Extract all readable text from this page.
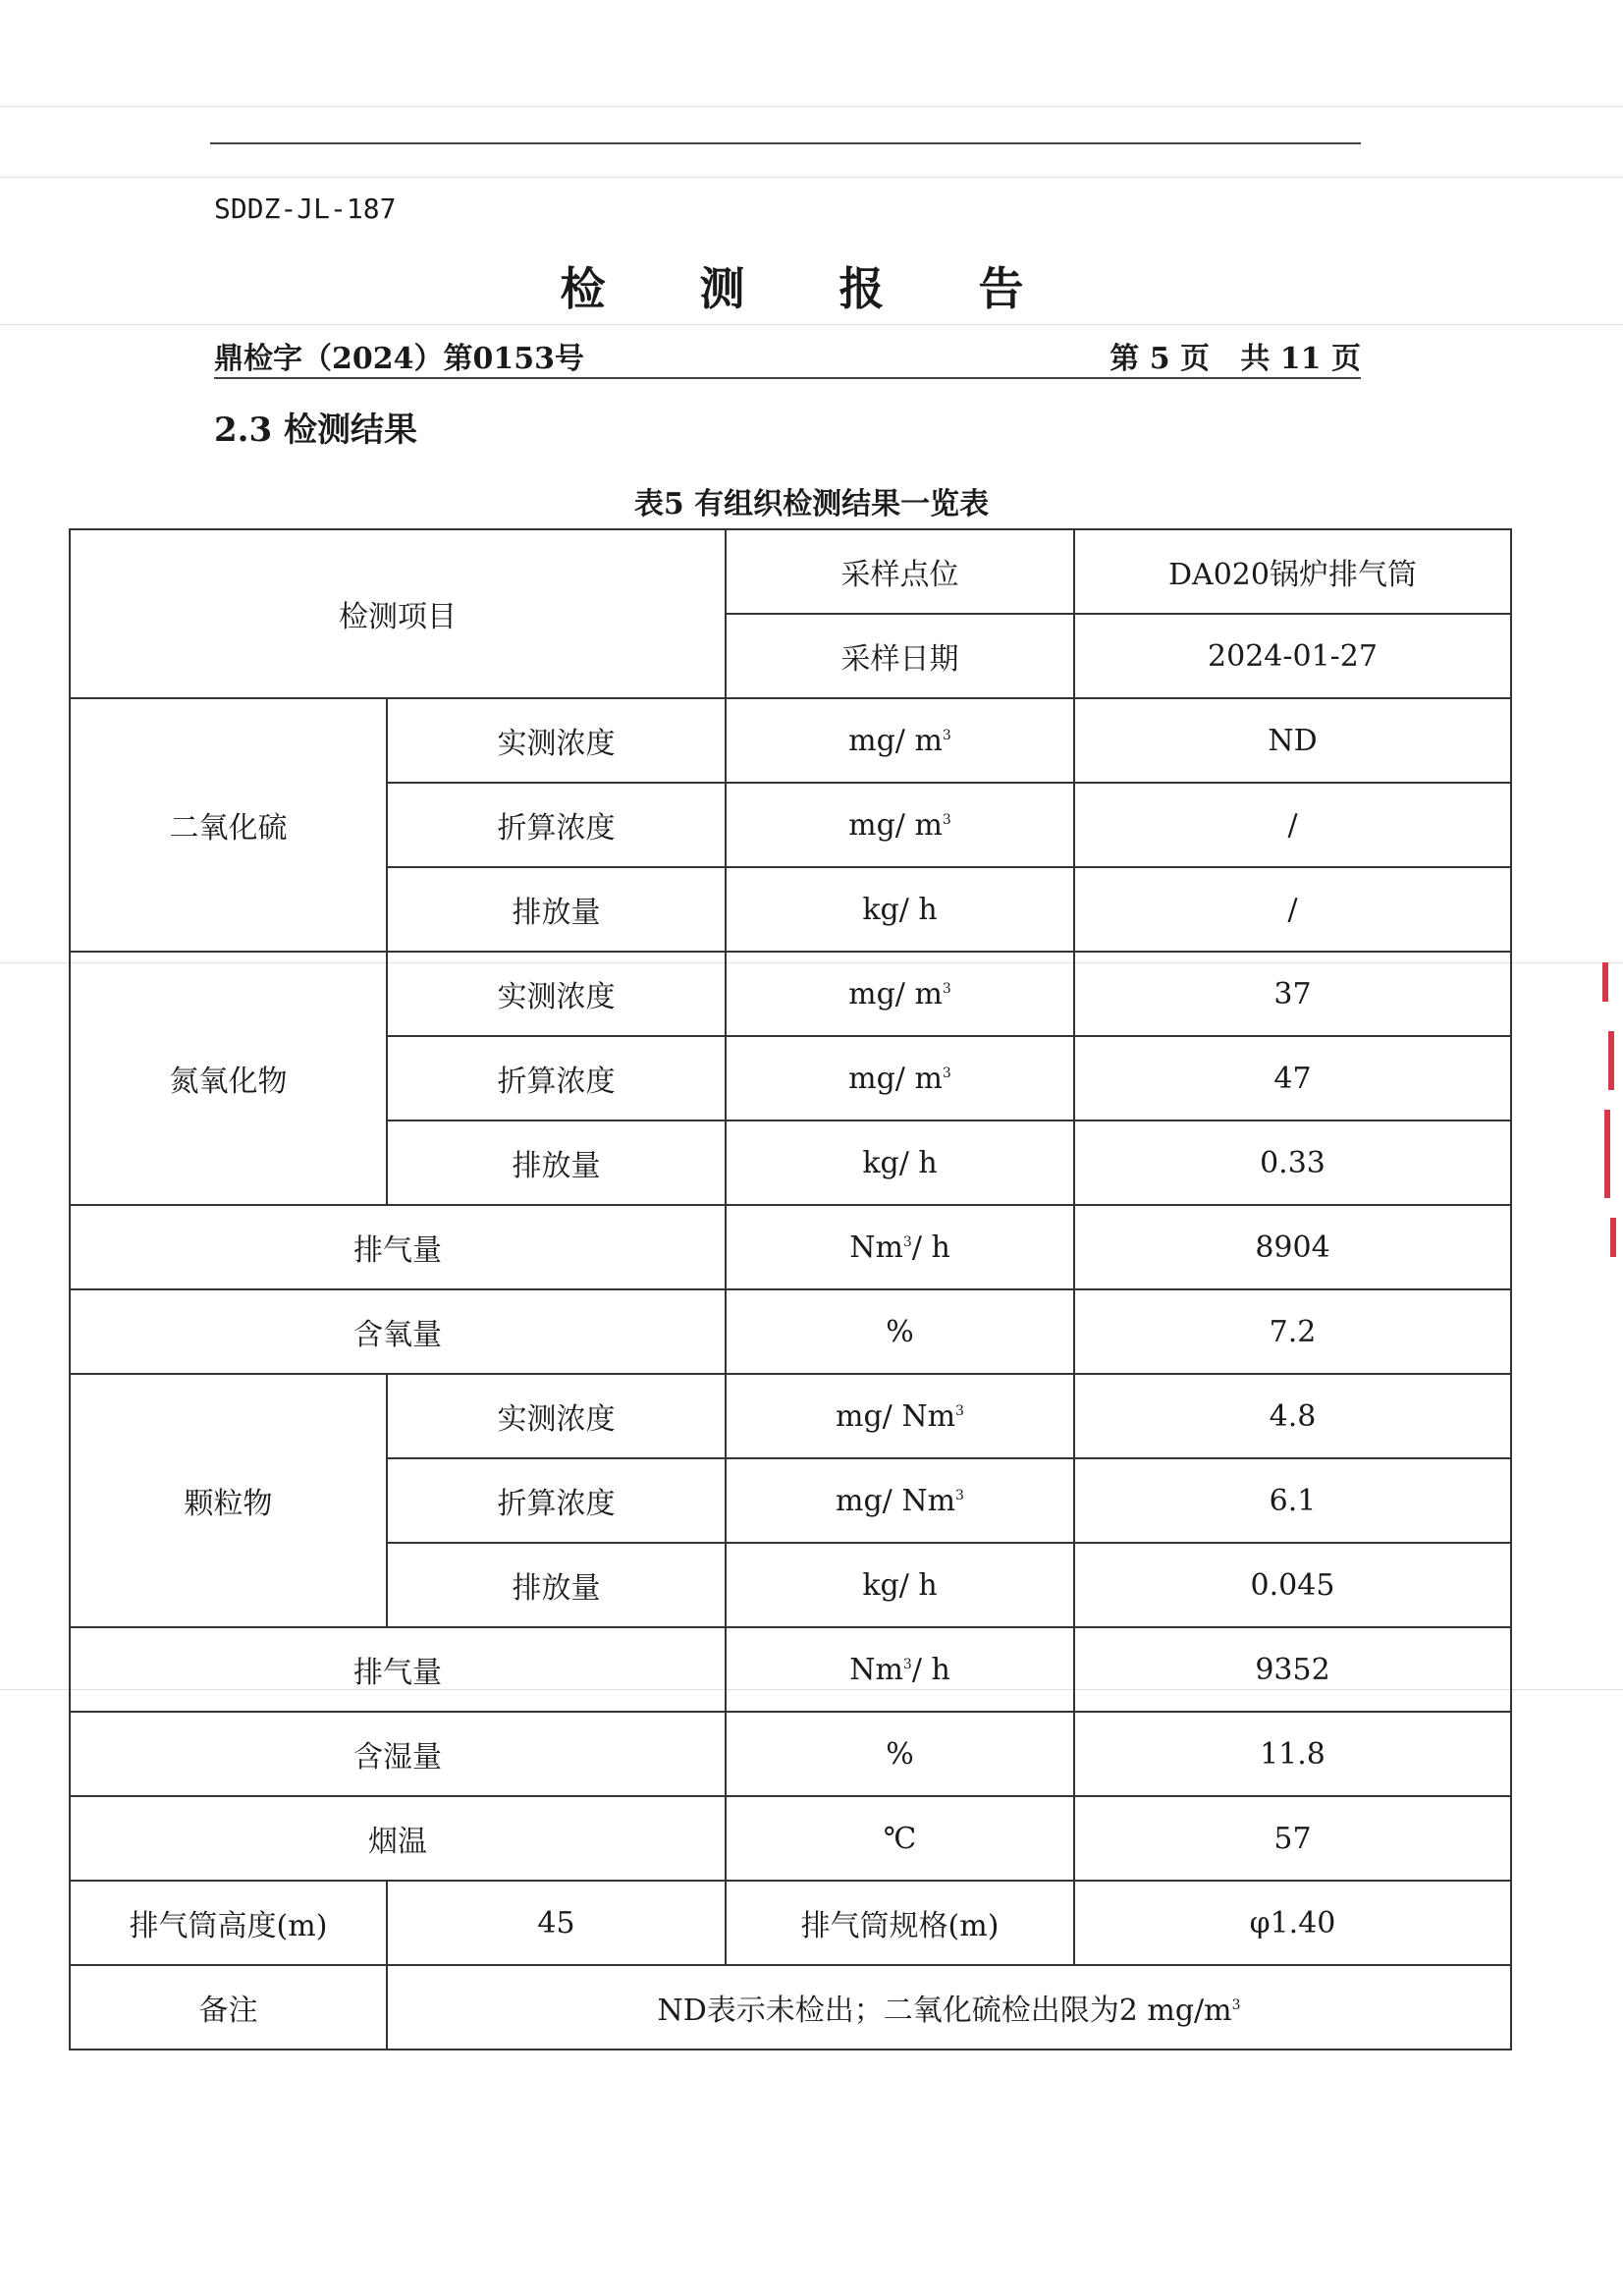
SDDZ-JL-187
检 测 报 告
鼎检字（2024）第0153号	第 5 页   共 11 页
2.3 检测结果
表5 有组织检测结果一览表
检测项目		采样点位	DA020锅炉排气筒
		采样日期	2024-01-27
二氧化硫	实测浓度	mg/ $m^3$	ND
	折算浓度	mg/ $m^3$	/
	排放量	kg/ h	/
氮氧化物	实测浓度	mg/ $m^3$	37
	折算浓度	mg/ $m^3$	47
	排放量	kg/ h	0.33
排气量		Nm$^3$/ h	8904
含氧量		%	7.2
颗粒物	实测浓度	mg/ Nm$^3$	4.8
	折算浓度	mg/ Nm$^3$	6.1
	排放量	kg/ h	0.045
排气量		Nm$^3$/ h	9352
含湿量		%	11.8
烟温		℃	57
排气筒高度(m)	45	排气筒规格(m)	φ1.40
备注	ND表示未检出；二氧化硫检出限为2 $mg/m^3$
